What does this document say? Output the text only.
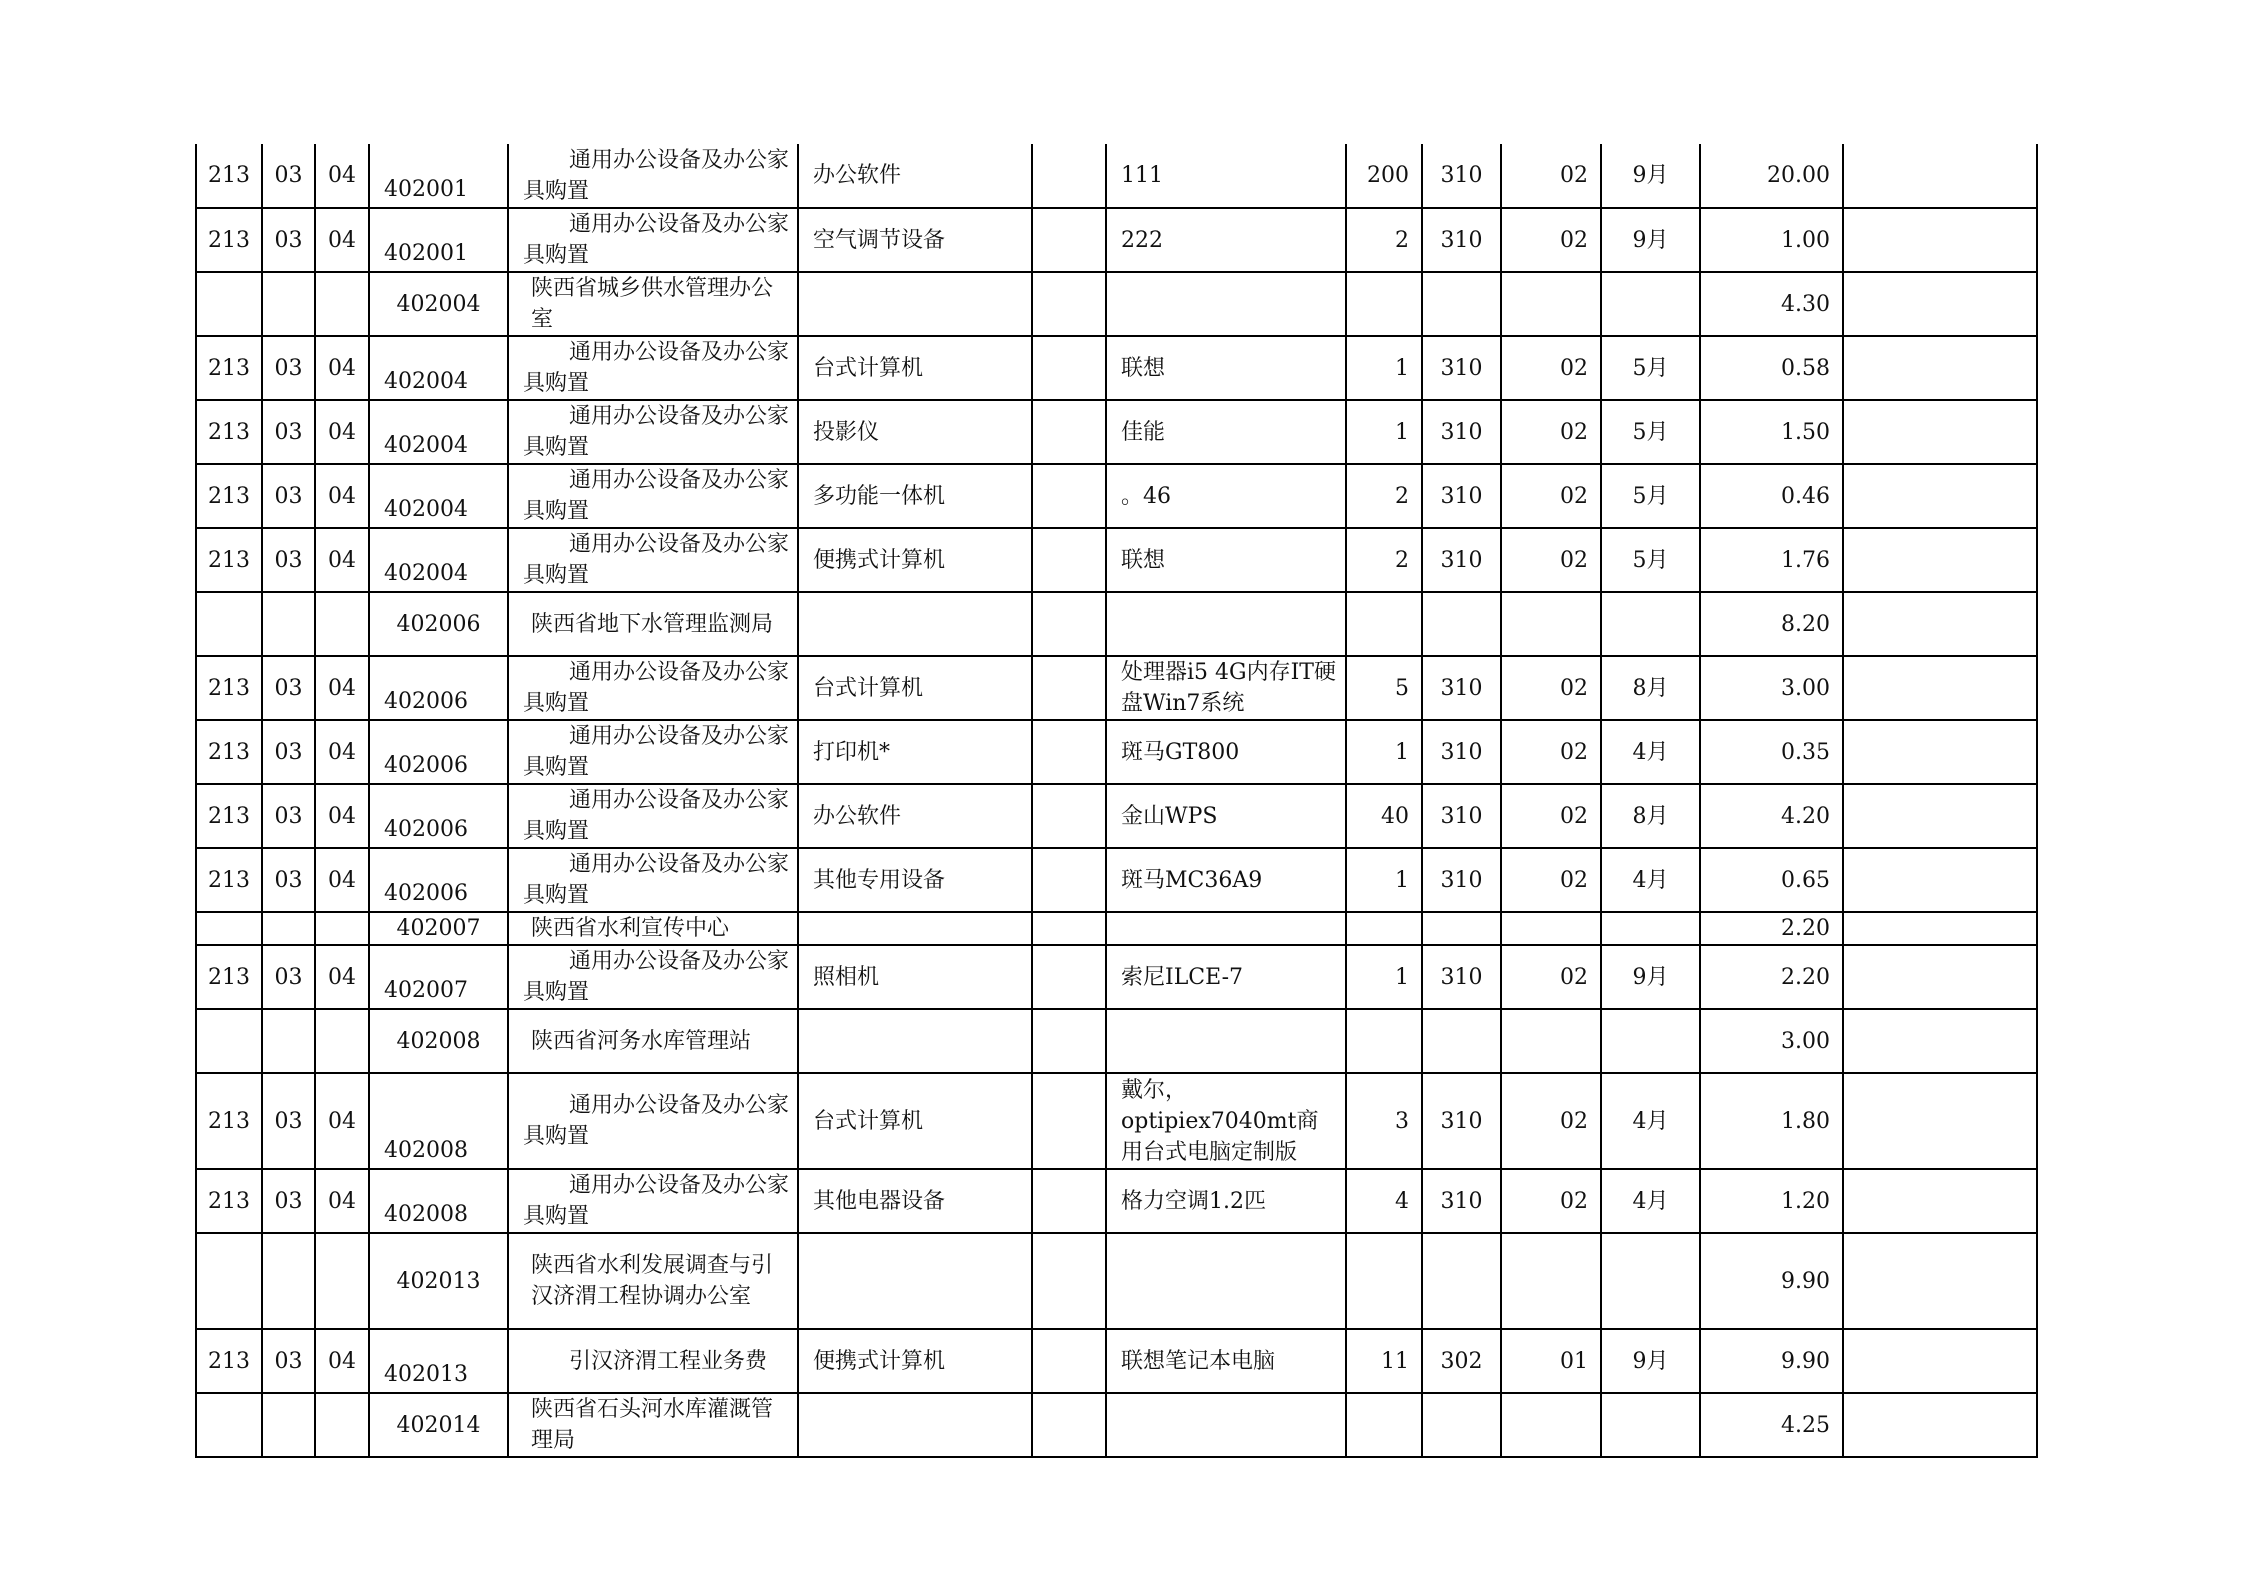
213	03	04	402001	通用办公设备及办公家具购置	办公软件		111	200	310	02	9月	20.00	
213	03	04	402001	通用办公设备及办公家具购置	空气调节设备		222	2	310	02	9月	1.00	
			402004	陕西省城乡供水管理办公室								4.30	
213	03	04	402004	通用办公设备及办公家具购置	台式计算机		联想	1	310	02	5月	0.58	
213	03	04	402004	通用办公设备及办公家具购置	投影仪		佳能	1	310	02	5月	1.50	
213	03	04	402004	通用办公设备及办公家具购置	多功能一体机		。46	2	310	02	5月	0.46	
213	03	04	402004	通用办公设备及办公家具购置	便携式计算机		联想	2	310	02	5月	1.76	
			402006	陕西省地下水管理监测局								8.20	
213	03	04	402006	通用办公设备及办公家具购置	台式计算机		处理器i5 4G内存IT硬盘Win7系统	5	310	02	8月	3.00	
213	03	04	402006	通用办公设备及办公家具购置	打印机*		斑马GT800	1	310	02	4月	0.35	
213	03	04	402006	通用办公设备及办公家具购置	办公软件		金山WPS	40	310	02	8月	4.20	
213	03	04	402006	通用办公设备及办公家具购置	其他专用设备		斑马MC36A9	1	310	02	4月	0.65	
			402007	陕西省水利宣传中心								2.20	
213	03	04	402007	通用办公设备及办公家具购置	照相机		索尼ILCE-7	1	310	02	9月	2.20	
			402008	陕西省河务水库管理站								3.00	
213	03	04	402008	通用办公设备及办公家具购置	台式计算机		戴尔，optipiex7040mt商用台式电脑定制版	3	310	02	4月	1.80	
213	03	04	402008	通用办公设备及办公家具购置	其他电器设备		格力空调1.2匹	4	310	02	4月	1.20	
			402013	陕西省水利发展调查与引汉济渭工程协调办公室								9.90	
213	03	04	402013	引汉济渭工程业务费	便携式计算机		联想笔记本电脑	11	302	01	9月	9.90	
			402014	陕西省石头河水库灌溉管理局								4.25	
